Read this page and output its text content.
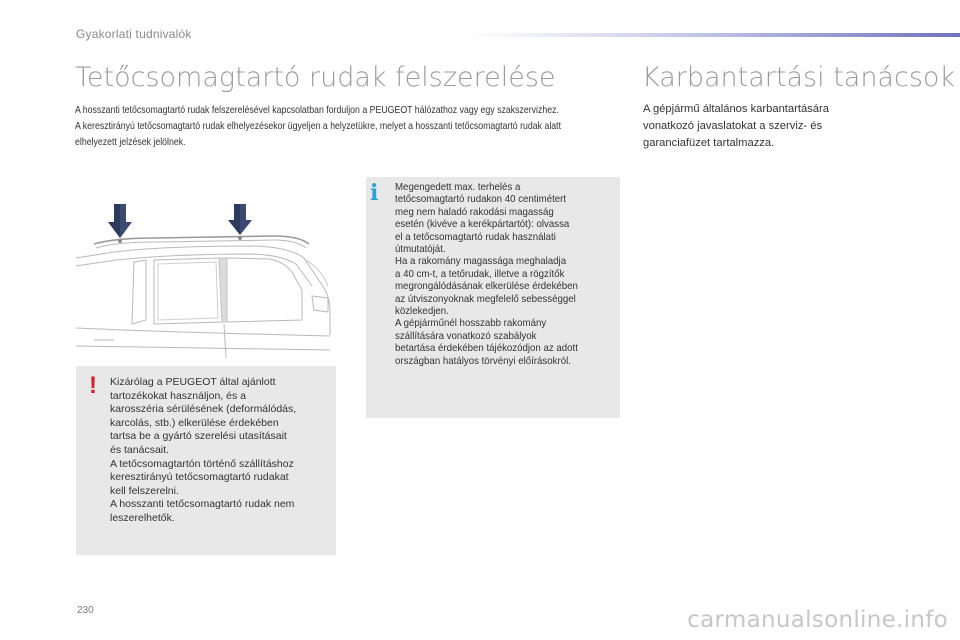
Gyakorlati tudnivalók
Tetőcsomagtartó rudak felszerelése
A hosszanti tetőcsomagtartó rudak felszerelésével kapcsolatban forduljon a PEUGEOT hálózathoz vagy egy szakszervizhez.
A keresztirányú tetőcsomagtartó rudak elhelyezésekor ügyeljen a helyzetükre, melyet a hosszanti tetőcsomagtartó rudak alatt
elhelyezett jelzések jelölnek.
Karbantartási tanácsok
A gépjármű általános karbantartására
vonatkozó javaslatokat a szerviz- és
garanciafüzet tartalmazza.
! Kizárólag a PEUGEOT által ajánlott
tartozékokat használjon, és a
karosszéria sérülésének (deformálódás,
karcolás, stb.) elkerülése érdekében
tartsa be a gyártó szerelési utasításait
és tanácsait.
A tetőcsomagtartón történő szállításhoz
keresztirányú tetőcsomagtartó rudakat
kell felszerelni.
A hosszanti tetőcsomagtartó rudak nem
leszerelhetők.
i Megengedett max. terhelés a
tetőcsomagtartó rudakon 40 centimétert
meg nem haladó rakodási magasság
esetén (kivéve a kerékpártartót): olvassa
el a tetőcsomagtartó rudak használati
útmutatóját.
Ha a rakomány magassága meghaladja
a 40 cm-t, a tetőrudak, illetve a rögzítők
megrongálódásának elkerülése érdekében
az útviszonyoknak megfelelő sebességgel
közlekedjen.
A gépjárműnél hosszabb rakomány
szállítására vonatkozó szabályok
betartása érdekében tájékozódjon az adott
országban hatályos törvényi előírásokról.
230	carmanualsonline.info
